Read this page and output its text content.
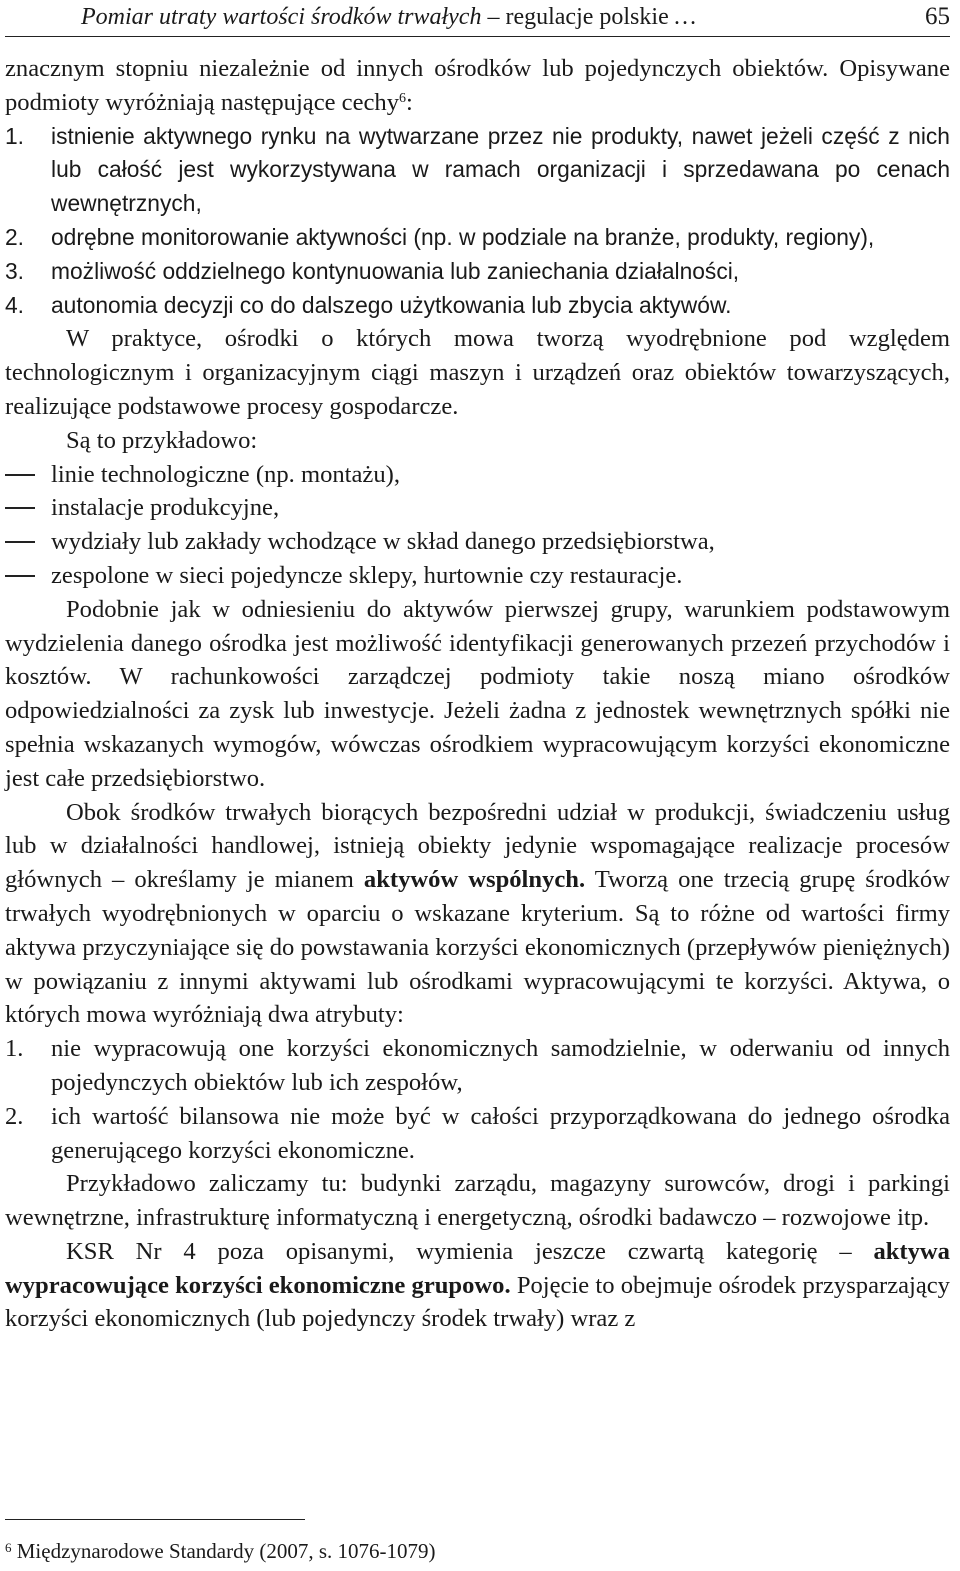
Pomiar utraty wartości środków trwałych – regulacje polskie …	65

znacznym stopniu niezależnie od innych ośrodków lub pojedynczych obiektów. Opisywane podmioty wyróżniają następujące cechy$^6$:

1. istnienie aktywnego rynku na wytwarzane przez nie produkty, nawet jeżeli część z nich lub całość jest wykorzystywana w ramach organizacji i sprzedawana po cenach wewnętrznych,
2. odrębne monitorowanie aktywności (np. w podziale na branże, produkty, regiony),
3. możliwość oddzielnego kontynuowania lub zaniechania działalności,
4. autonomia decyzji co do dalszego użytkowania lub zbycia aktywów.

W praktyce, ośrodki o których mowa tworzą wyodrębnione pod względem technologicznym i organizacyjnym ciągi maszyn i urządzeń oraz obiektów towarzyszących, realizujące podstawowe procesy gospodarcze.

Są to przykładowo:

linie technologiczne (np. montażu),
instalacje produkcyjne,
wydziały lub zakłady wchodzące w skład danego przedsiębiorstwa,
zespolone w sieci pojedyncze sklepy, hurtownie czy restauracje.

Podobnie jak w odniesieniu do aktywów pierwszej grupy, warunkiem podstawowym wydzielenia danego ośrodka jest możliwość identyfikacji generowanych przezeń przychodów i kosztów. W rachunkowości zarządczej podmioty takie noszą miano ośrodków odpowiedzialności za zysk lub inwestycje. Jeżeli żadna z jednostek wewnętrznych spółki nie spełnia wskazanych wymogów, wówczas ośrodkiem wypracowującym korzyści ekonomiczne jest całe przedsiębiorstwo.

Obok środków trwałych biorących bezpośredni udział w produkcji, świadczeniu usług lub w działalności handlowej, istnieją obiekty jedynie wspomagające realizacje procesów głównych – określamy je mianem aktywów wspólnych. Tworzą one trzecią grupę środków trwałych wyodrębnionych w oparciu o wskazane kryterium. Są to różne od wartości firmy aktywa przyczyniające się do powstawania korzyści ekonomicznych (przepływów pieniężnych) w powiązaniu z innymi aktywami lub ośrodkami wypracowującymi te korzyści. Aktywa, o których mowa wyróżniają dwa atrybuty:

1. nie wypracowują one korzyści ekonomicznych samodzielnie, w oderwaniu od innych pojedynczych obiektów lub ich zespołów,
2. ich wartość bilansowa nie może być w całości przyporządkowana do jednego ośrodka generującego korzyści ekonomiczne.

Przykładowo zaliczamy tu: budynki zarządu, magazyny surowców, drogi i parkingi wewnętrzne, infrastrukturę informatyczną i energetyczną, ośrodki badawczo – rozwojowe itp.

KSR Nr 4 poza opisanymi, wymienia jeszcze czwartą kategorię – aktywa wypracowujące korzyści ekonomiczne grupowo. Pojęcie to obejmuje ośrodek przysparzający korzyści ekonomicznych (lub pojedynczy środek trwały) wraz z

$^6$ Międzynarodowe Standardy (2007, s. 1076-1079)
